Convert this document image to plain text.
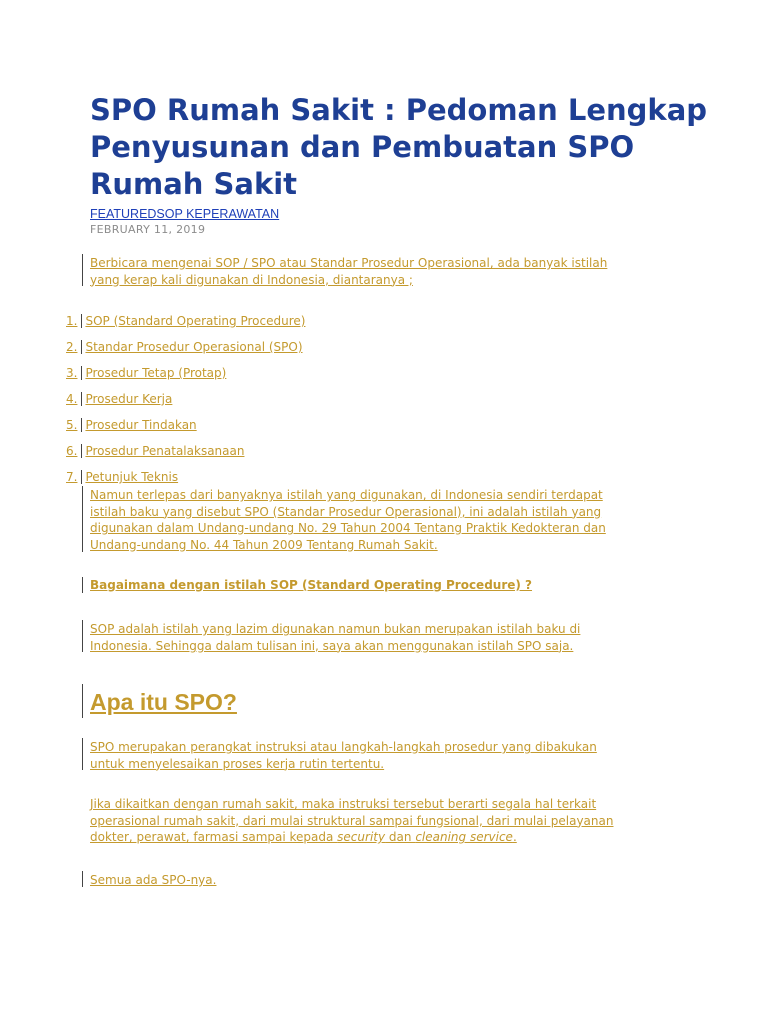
SPO Rumah Sakit : Pedoman Lengkap Penyusunan dan Pembuatan SPO Rumah Sakit
FEATUREDSOP KEPERAWATAN
FEBRUARY 11, 2019
Berbicara mengenai SOP / SPO atau Standar Prosedur Operasional, ada banyak istilah
yang kerap kali digunakan di Indonesia, diantaranya ;
1. SOP (Standard Operating Procedure)
2. Standar Prosedur Operasional (SPO)
3. Prosedur Tetap (Protap)
4. Prosedur Kerja
5. Prosedur Tindakan
6. Prosedur Penatalaksanaan
7. Petunjuk Teknis
Namun terlepas dari banyaknya istilah yang digunakan, di Indonesia sendiri terdapat
istilah baku yang disebut SPO (Standar Prosedur Operasional), ini adalah istilah yang
digunakan dalam Undang-undang No. 29 Tahun 2004 Tentang Praktik Kedokteran dan
Undang-undang No. 44 Tahun 2009 Tentang Rumah Sakit.
Bagaimana dengan istilah SOP (Standard Operating Procedure) ?
SOP adalah istilah yang lazim digunakan namun bukan merupakan istilah baku di
Indonesia. Sehingga dalam tulisan ini, saya akan menggunakan istilah SPO saja.
Apa itu SPO?
SPO merupakan perangkat instruksi atau langkah-langkah prosedur yang dibakukan
untuk menyelesaikan proses kerja rutin tertentu.
Jika dikaitkan dengan rumah sakit, maka instruksi tersebut berarti segala hal terkait
operasional rumah sakit, dari mulai struktural sampai fungsional, dari mulai pelayanan
dokter, perawat, farmasi sampai kepada security dan cleaning service.
Semua ada SPO-nya.
